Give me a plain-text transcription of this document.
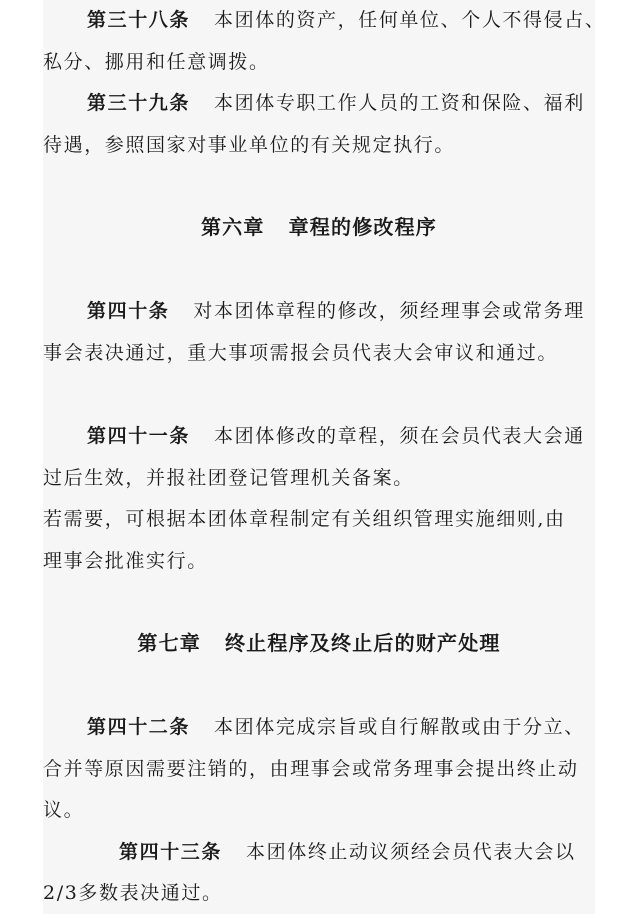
第三十八条 本团体的资产，任何单位、个人不得侵占、
私分、挪用和任意调拨。
第三十九条 本团体专职工作人员的工资和保险、福利
待遇，参照国家对事业单位的有关规定执行。
第六章 章程的修改程序
第四十条 对本团体章程的修改，须经理事会或常务理
事会表决通过，重大事项需报会员代表大会审议和通过。
第四十一条 本团体修改的章程，须在会员代表大会通
过后生效，并报社团登记管理机关备案。
若需要，可根据本团体章程制定有关组织管理实施细则,由
理事会批准实行。
第七章 终止程序及终止后的财产处理
第四十二条 本团体完成宗旨或自行解散或由于分立、
合并等原因需要注销的，由理事会或常务理事会提出终止动
议。
第四十三条 本团体终止动议须经会员代表大会以
2/3多数表决通过。
